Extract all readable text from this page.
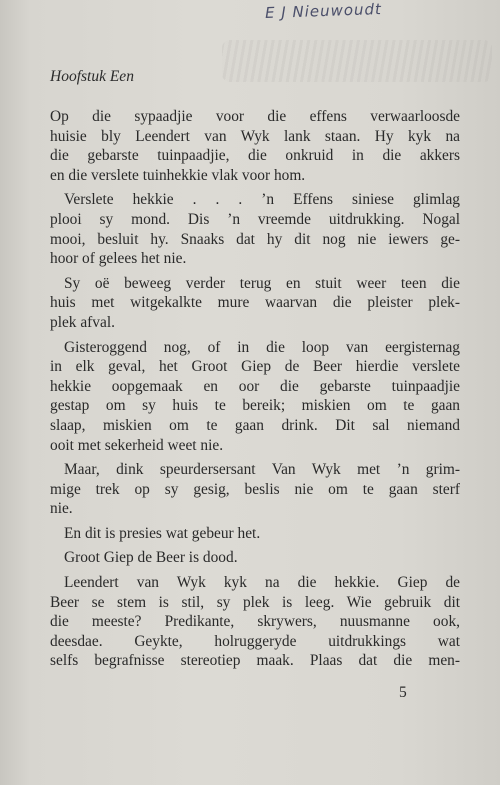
E J Nieuwoudt
Hoofstuk Een
Op die sypaadjie voor die effens verwaarloosde
huisie bly Leendert van Wyk lank staan. Hy kyk na
die gebarste tuinpaadjie, die onkruid in die akkers
en die verslete tuinhekkie vlak voor hom.
Verslete hekkie . . . ’n Effens siniese glimlag
plooi sy mond. Dis ’n vreemde uitdrukking. Nogal
mooi, besluit hy. Snaaks dat hy dit nog nie iewers ge-
hoor of gelees het nie.
Sy oë beweeg verder terug en stuit weer teen die
huis met witgekalkte mure waarvan die pleister plek-
plek afval.
Gisteroggend nog, of in die loop van eergisternag
in elk geval, het Groot Giep de Beer hierdie verslete
hekkie oopgemaak en oor die gebarste tuinpaadjie
gestap om sy huis te bereik; miskien om te gaan
slaap, miskien om te gaan drink. Dit sal niemand
ooit met sekerheid weet nie.
Maar, dink speurdersersant Van Wyk met ’n grim-
mige trek op sy gesig, beslis nie om te gaan sterf
nie.
En dit is presies wat gebeur het.
Groot Giep de Beer is dood.
Leendert van Wyk kyk na die hekkie. Giep de
Beer se stem is stil, sy plek is leeg. Wie gebruik dit
die meeste? Predikante, skrywers, nuusmanne ook,
deesdae. Geykte, holruggeryde uitdrukkings wat
selfs begrafnisse stereotiep maak. Plaas dat die men-
5
